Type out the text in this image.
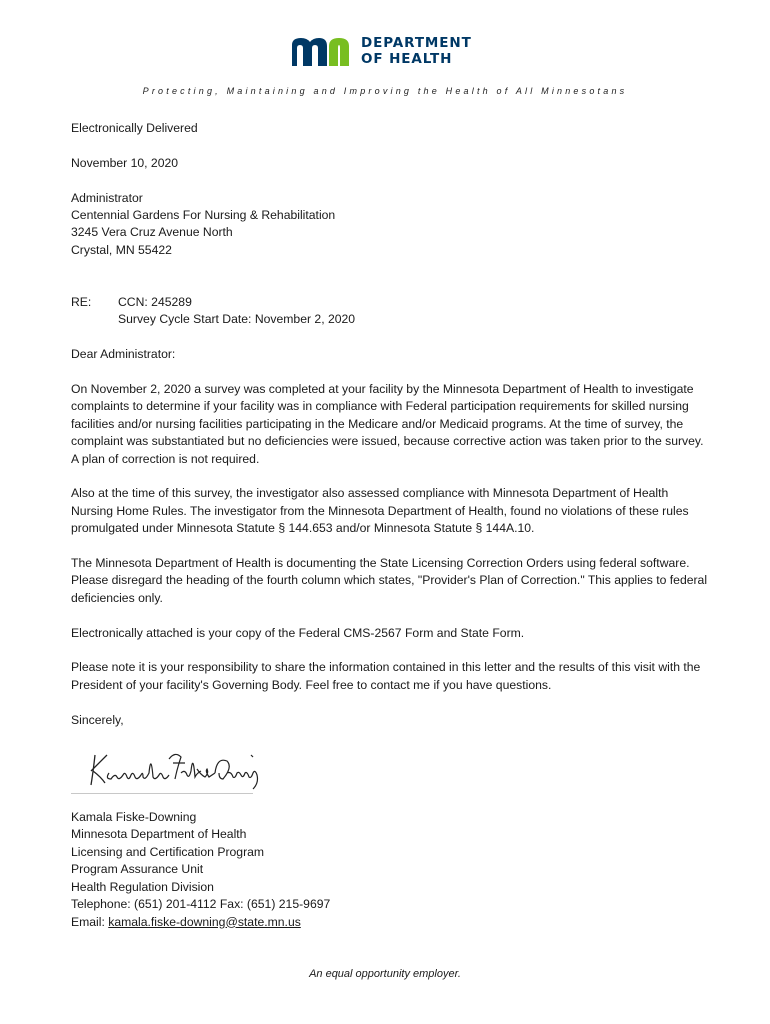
DEPARTMENT
OF HEALTH
Protecting, Maintaining and Improving the Health of All Minnesotans

Electronically Delivered

November 10, 2020

Administrator
Centennial Gardens For Nursing & Rehabilitation
3245 Vera Cruz Avenue North
Crystal, MN 55422
RE:	CCN: 245289
Survey Cycle Start Date: November 2, 2020

Dear Administrator:

On November 2, 2020 a survey was completed at your facility by the Minnesota Department of Health to investigate complaints to determine if your facility was in compliance with Federal participation requirements for skilled nursing facilities and/or nursing facilities participating in the Medicare and/or Medicaid programs. At the time of survey, the complaint was substantiated but no deficiencies were issued, because corrective action was taken prior to the survey. A plan of correction is not required.

Also at the time of this survey, the investigator also assessed compliance with Minnesota Department of Health Nursing Home Rules. The investigator from the Minnesota Department of Health, found no violations of these rules promulgated under Minnesota Statute § 144.653 and/or Minnesota Statute § 144A.10.

The Minnesota Department of Health is documenting the State Licensing Correction Orders using federal software. Please disregard the heading of the fourth column which states, "Provider's Plan of Correction." This applies to federal deficiencies only.

Electronically attached is your copy of the Federal CMS-2567 Form and State Form.

Please note it is your responsibility to share the information contained in this letter and the results of this visit with the President of your facility's Governing Body. Feel free to contact me if you have questions.

Sincerely,

Kamala Fiske-Downing
Minnesota Department of Health
Licensing and Certification Program
Program Assurance Unit
Health Regulation Division
Telephone: (651) 201-4112 Fax: (651) 215-9697
Email: kamala.fiske-downing@state.mn.us
An equal opportunity employer.
